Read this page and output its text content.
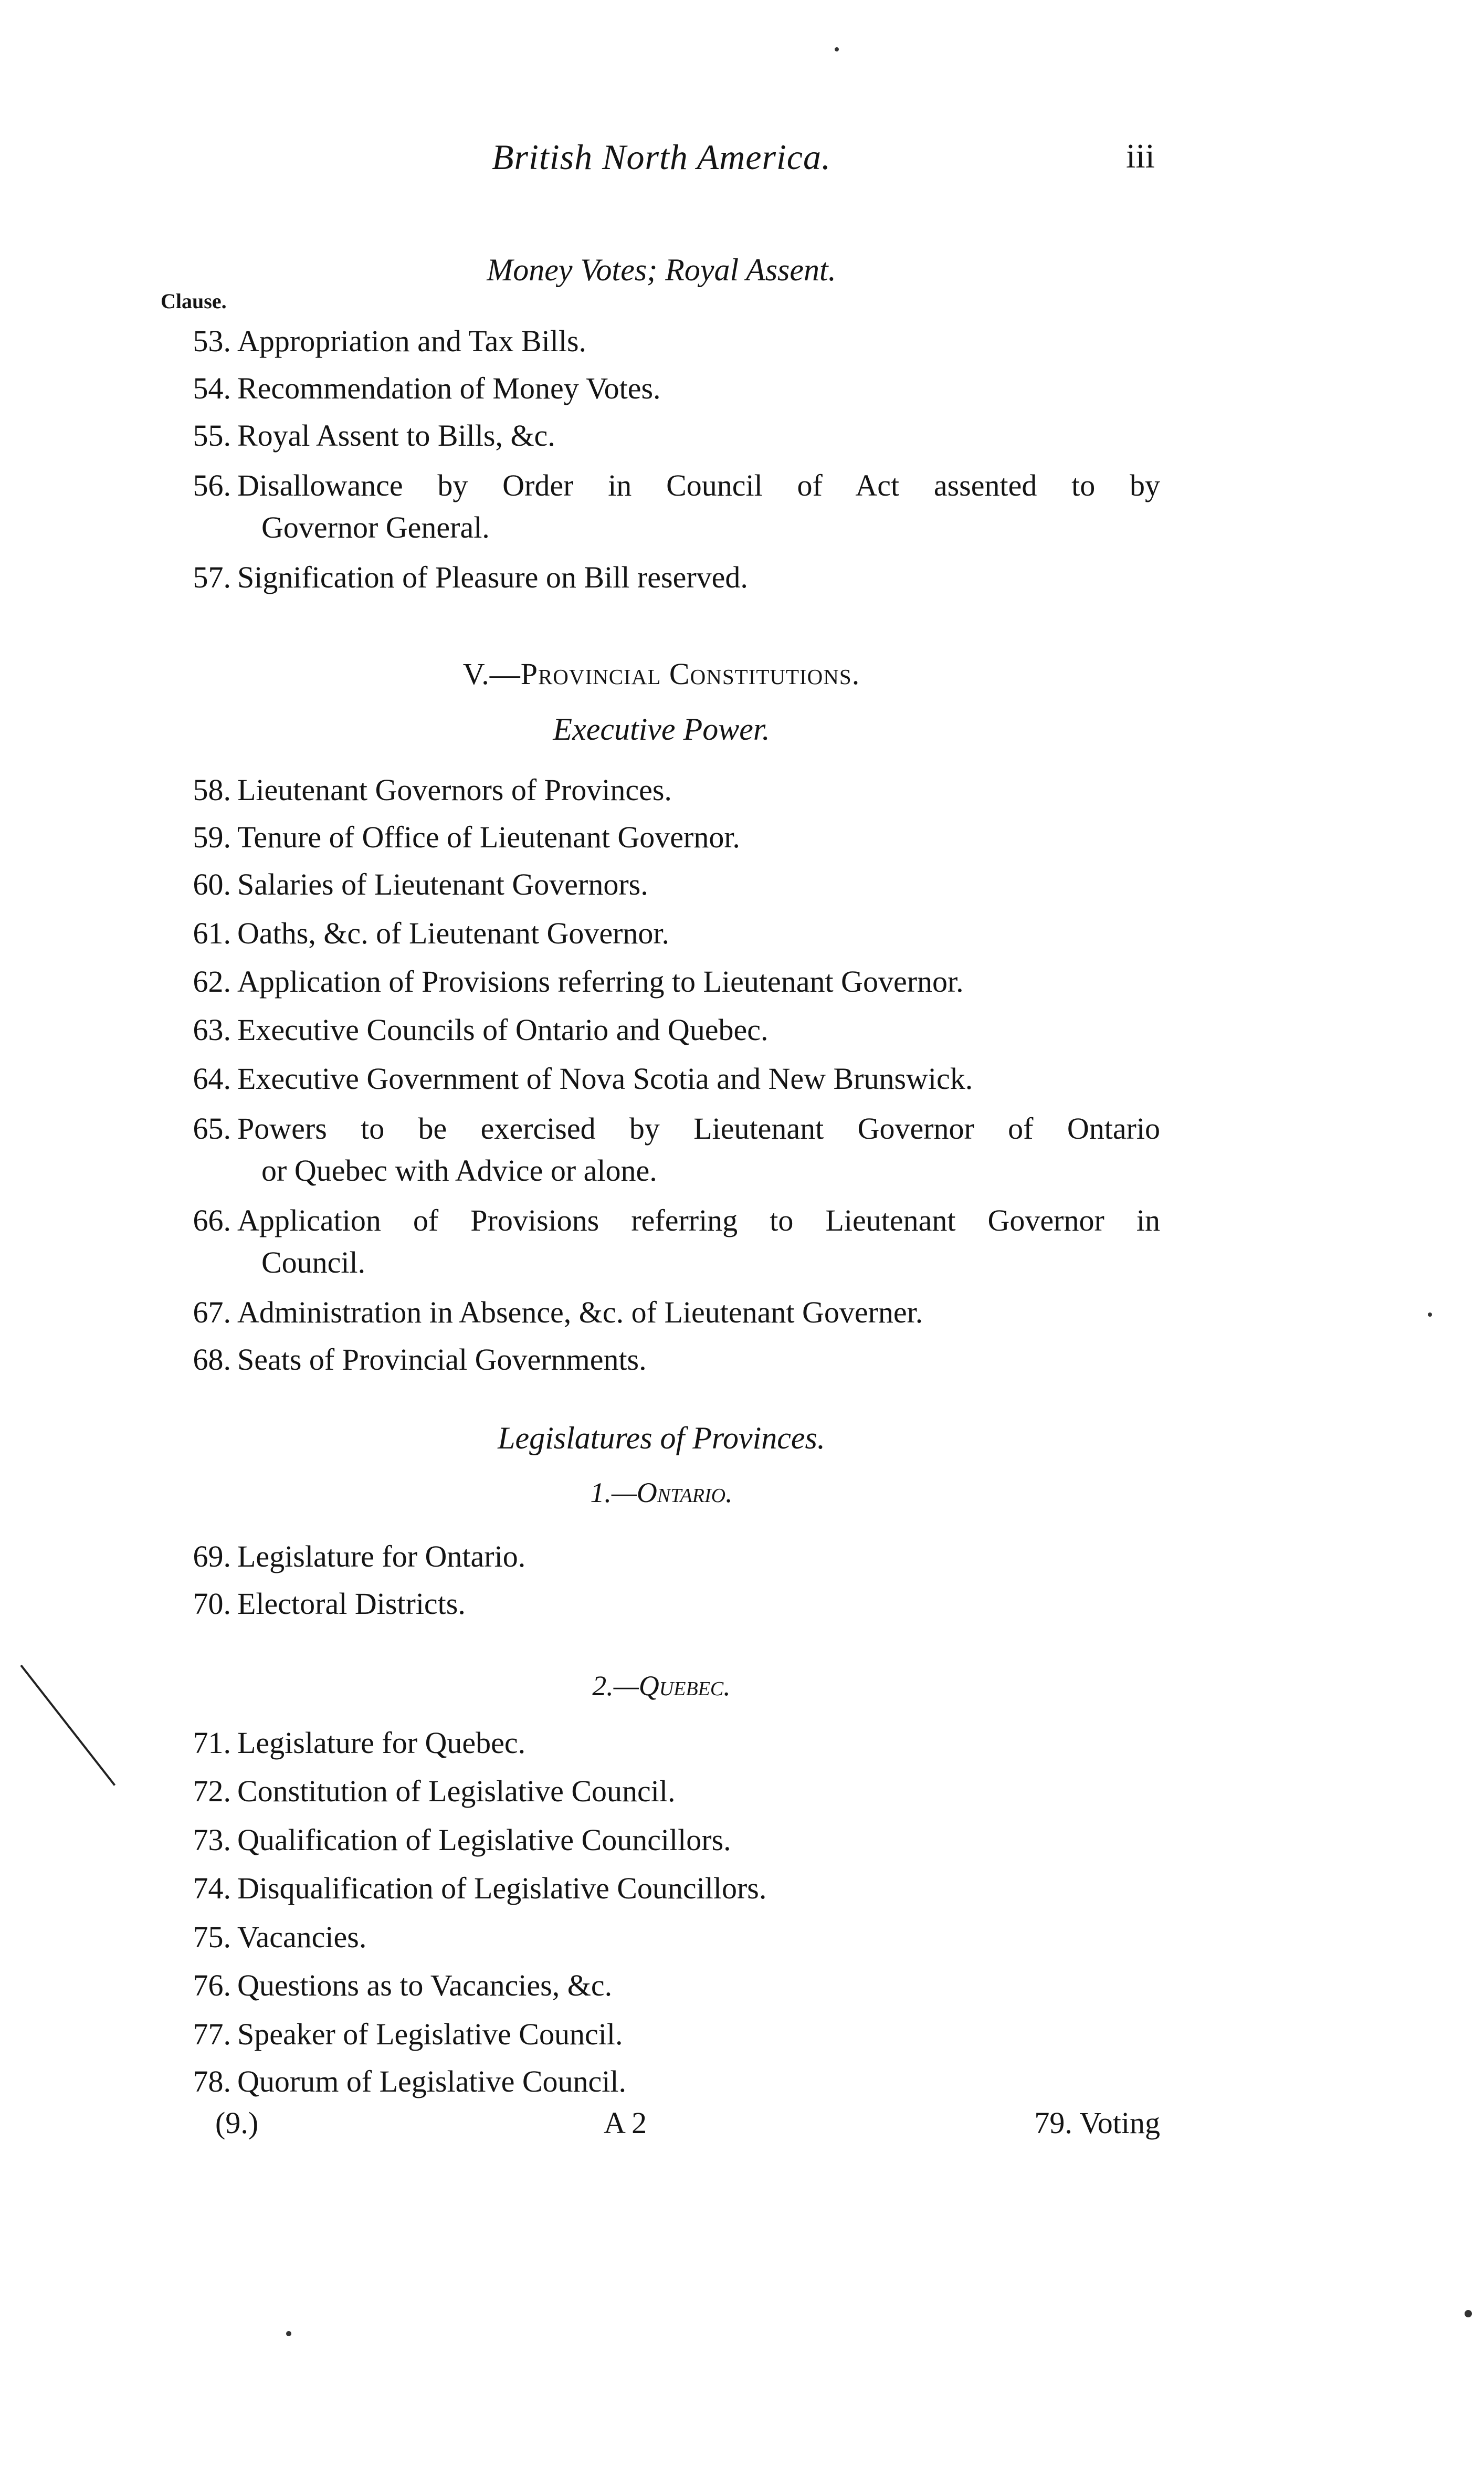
British North America.	iii
Money Votes; Royal Assent.
Clause.
53. Appropriation and Tax Bills.
54. Recommendation of Money Votes.
55. Royal Assent to Bills, &c.
56. Disallowance by Order in Council of Act assented to by
Governor General.
57. Signification of Pleasure on Bill reserved.
V.—Provincial Constitutions.
Executive Power.
58. Lieutenant Governors of Provinces.
59. Tenure of Office of Lieutenant Governor.
60. Salaries of Lieutenant Governors.
61. Oaths, &c. of Lieutenant Governor.
62. Application of Provisions referring to Lieutenant Governor.
63. Executive Councils of Ontario and Quebec.
64. Executive Government of Nova Scotia and New Brunswick.
65. Powers to be exercised by Lieutenant Governor of Ontario
or Quebec with Advice or alone.
66. Application of Provisions referring to Lieutenant Governor in
Council.
67. Administration in Absence, &c. of Lieutenant Governer.
68. Seats of Provincial Governments.
Legislatures of Provinces.
1.—Ontario.
69. Legislature for Ontario.
70. Electoral Districts.
2.—Quebec.
71. Legislature for Quebec.
72. Constitution of Legislative Council.
73. Qualification of Legislative Councillors.
74. Disqualification of Legislative Councillors.
75. Vacancies.
76. Questions as to Vacancies, &c.
77. Speaker of Legislative Council.
78. Quorum of Legislative Council.
(9.)	A 2	79. Voting
